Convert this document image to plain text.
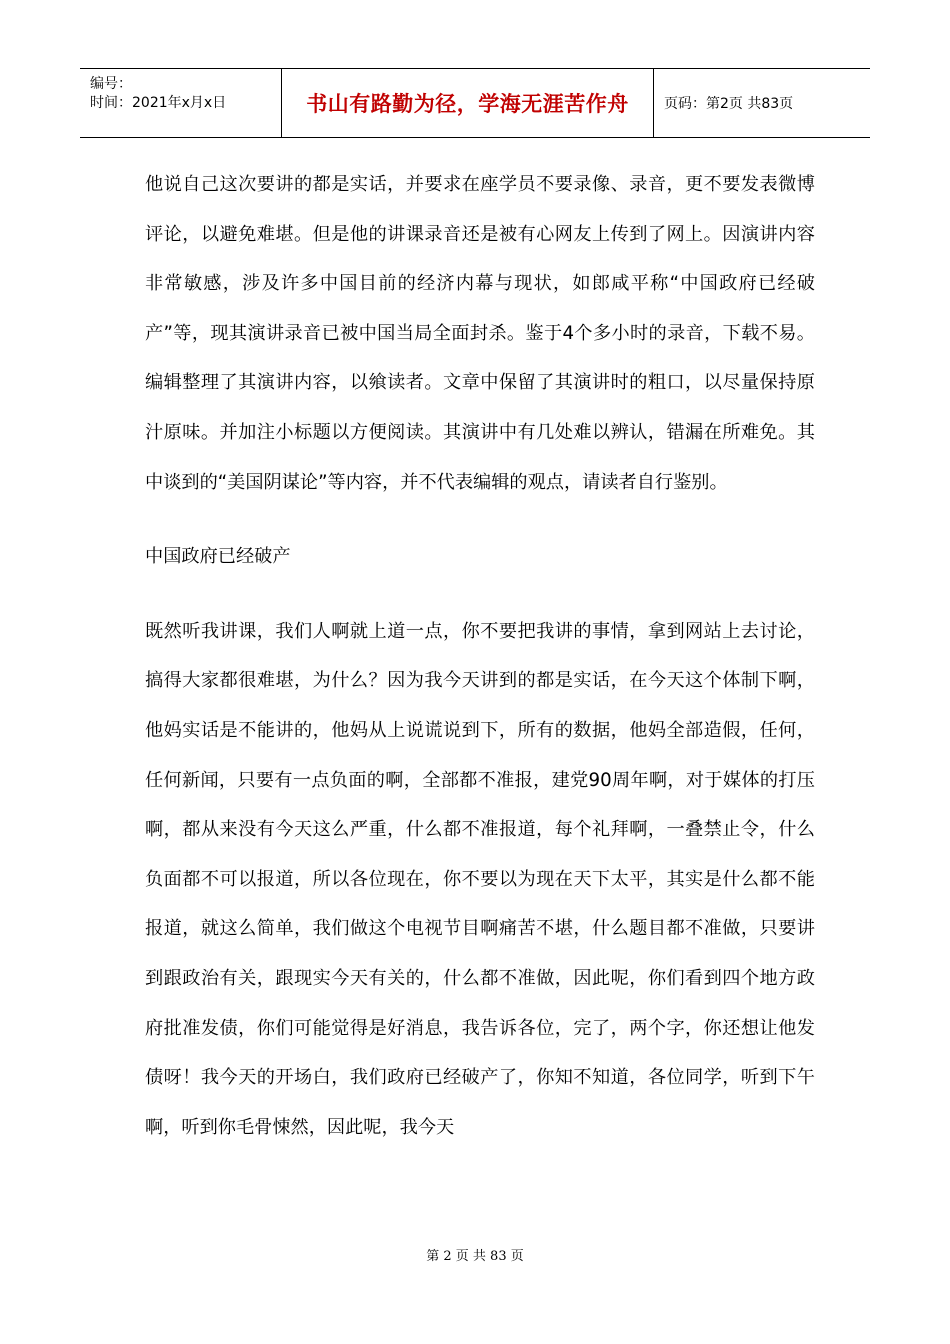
编号：
时间：2021年x月x日	书山有路勤为径，学海无涯苦作舟	页码：第2页 共83页

他说自己这次要讲的都是实话，并要求在座学员不要录像、录音，更不要发表微博评论，以避免难堪。但是他的讲课录音还是被有心网友上传到了网上。因演讲内容非常敏感，涉及许多中国目前的经济内幕与现状，如郎咸平称“中国政府已经破产”等，现其演讲录音已被中国当局全面封杀。鉴于4个多小时的录音，下载不易。编辑整理了其演讲内容，以飨读者。文章中保留了其演讲时的粗口，以尽量保持原汁原味。并加注小标题以方便阅读。其演讲中有几处难以辨认，错漏在所难免。其中谈到的“美国阴谋论”等内容，并不代表编辑的观点，请读者自行鉴别。

中国政府已经破产

既然听我讲课，我们人啊就上道一点，你不要把我讲的事情，拿到网站上去讨论，搞得大家都很难堪，为什么？因为我今天讲到的都是实话，在今天这个体制下啊，他妈实话是不能讲的，他妈从上说谎说到下，所有的数据，他妈全部造假，任何，任何新闻，只要有一点负面的啊，全部都不准报，建党90周年啊，对于媒体的打压啊，都从来没有今天这么严重，什么都不准报道，每个礼拜啊，一叠禁止令，什么负面都不可以报道，所以各位现在，你不要以为现在天下太平，其实是什么都不能报道，就这么简单，我们做这个电视节目啊痛苦不堪，什么题目都不准做，只要讲到跟政治有关，跟现实今天有关的，什么都不准做，因此呢，你们看到四个地方政府批准发债，你们可能觉得是好消息，我告诉各位，完了，两个字，你还想让他发债呀！我今天的开场白，我们政府已经破产了，你知不知道，各位同学，听到下午啊，听到你毛骨悚然，因此呢，我今天

第 2 页 共 83 页
